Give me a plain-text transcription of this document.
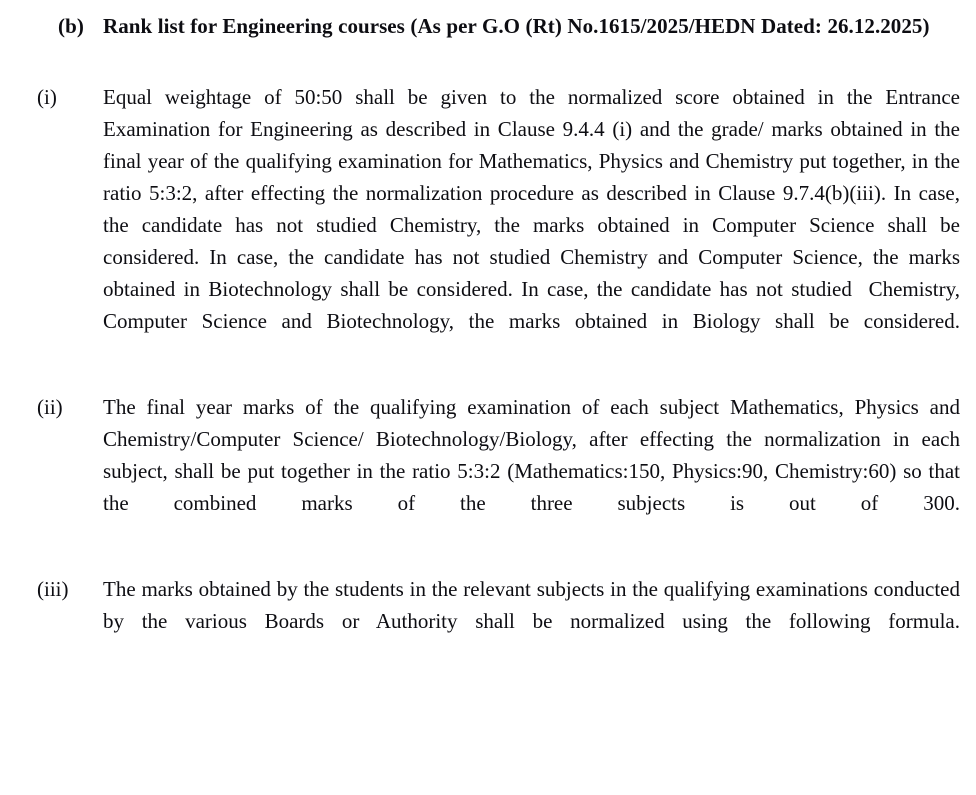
(b) Rank list for Engineering courses (As per G.O (Rt) No.1615/2025/HEDN Dated: 26.12.2025)
(i)	Equal weightage of 50:50 shall be given to the normalized score obtained in the Entrance Examination for Engineering as described in Clause 9.4.4 (i) and the grade/ marks obtained in the final year of the qualifying examination for Mathematics, Physics and Chemistry put together, in the ratio 5:3:2, after effecting the normalization procedure as described in Clause 9.7.4(b)(iii). In case, the candidate has not studied Chemistry, the marks obtained in Computer Science shall be considered. In case, the candidate has not studied Chemistry and Computer Science, the marks obtained in Biotechnology shall be considered. In case, the candidate has not studied  Chemistry, Computer Science and Biotechnology, the marks obtained in Biology shall be considered.
(ii)	The final year marks of the qualifying examination of each subject Mathematics, Physics and Chemistry/Computer Science/ Biotechnology/Biology, after effecting the normalization in each subject, shall be put together in the ratio 5:3:2 (Mathematics:150, Physics:90, Chemistry:60) so that the combined marks of the three subjects is out of 300.
(iii)	The marks obtained by the students in the relevant subjects in the qualifying examinations conducted by the various Boards or Authority shall be normalized using the following formula.
